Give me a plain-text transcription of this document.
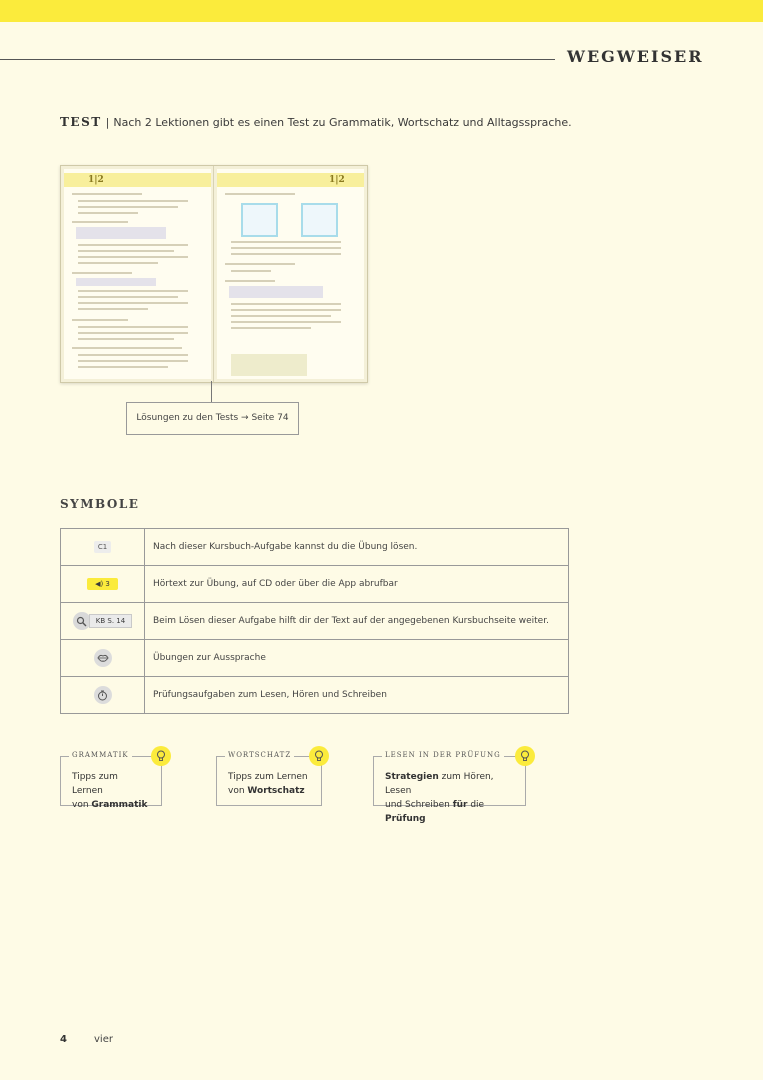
WEGWEISER
TEST | Nach 2 Lektionen gibt es einen Test zu Grammatik, Wortschatz und Alltagssprache.
1|2	1|2
Lösungen zu den Tests → Seite 74
SYMBOLE
C1	Nach dieser Kursbuch-Aufgabe kannst du die Übung lösen.
◀) 3	Hörtext zur Übung, auf CD oder über die App abrufbar
KB S. 14	Beim Lösen dieser Aufgabe hilft dir der Text auf der angegebenen Kursbuchseite weiter.
Übungen zur Aussprache
Prüfungsaufgaben zum Lesen, Hören und Schreiben
GRAMMATIK
Tipps zum Lernen
von Grammatik
WORTSCHATZ
Tipps zum Lernen
von Wortschatz
LESEN IN DER PRÜFUNG
Strategien zum Hören, Lesen
und Schreiben für die Prüfung
4	vier
